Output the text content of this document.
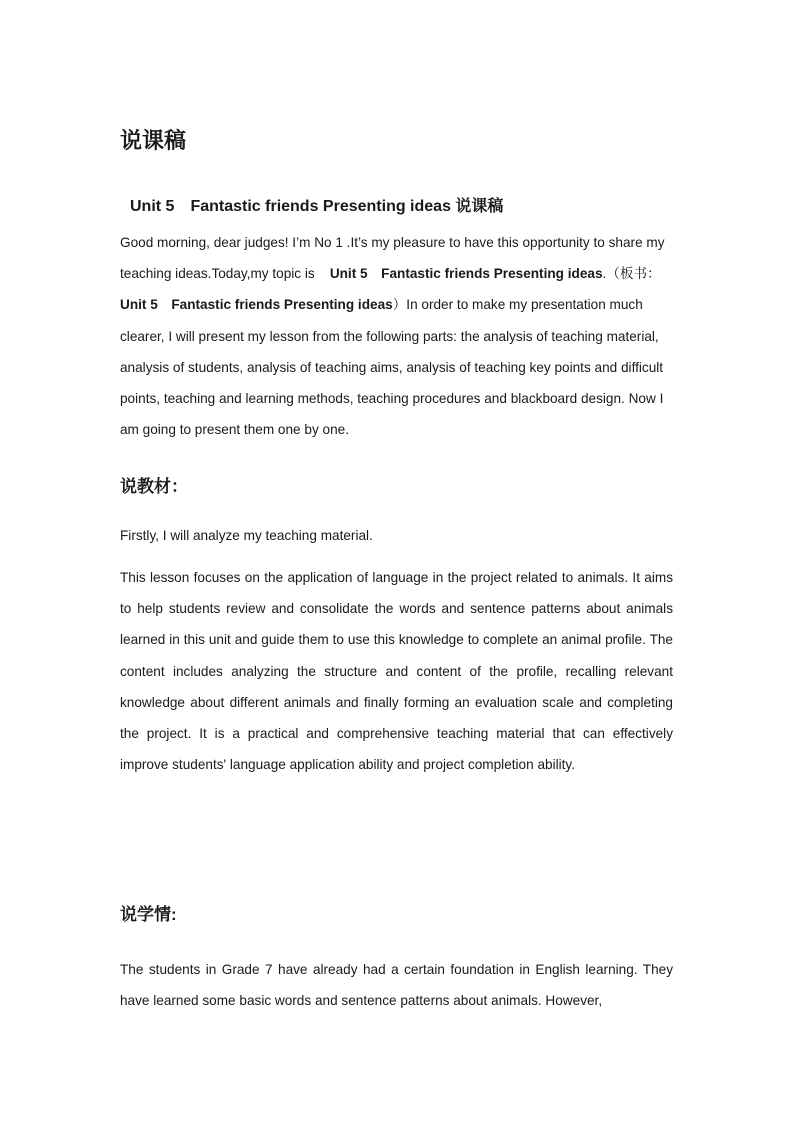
说课稿
Unit 5　Fantastic friends Presenting ideas 说课稿

Good morning, dear judges! I’m No 1 .It’s my pleasure to have this opportunity to share my teaching ideas.Today,my topic is Unit 5　Fantastic friends Presenting ideas.（板书：   Unit 5　Fantastic friends Presenting ideas）In order to make my presentation much clearer, I will present my lesson from the following parts: the analysis of teaching material, analysis of students, analysis of teaching aims, analysis of teaching key points and difficult points, teaching and learning methods, teaching procedures and blackboard design. Now I am going to present them one by one.

说教材：

Firstly, I will analyze my teaching material.

This lesson focuses on the application of language in the project related to animals. It aims to help students review and consolidate the words and sentence patterns about animals learned in this unit and guide them to use this knowledge to complete an animal profile. The content includes analyzing the structure and content of the profile, recalling relevant knowledge about different animals and finally forming an evaluation scale and completing the project. It is a practical and comprehensive teaching material that can effectively improve students' language application ability and project completion ability.

说学情:

The students in Grade 7 have already had a certain foundation in English learning. They have learned some basic words and sentence patterns about animals. However,
